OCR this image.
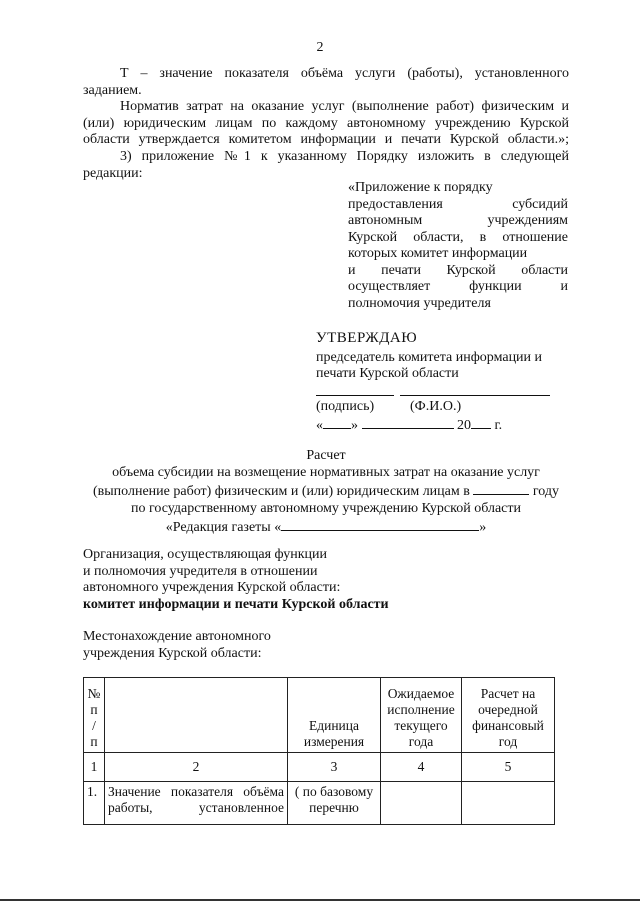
2
Т – значение показателя объёма услуги (работы), установленного
заданием.
Норматив затрат на оказание услуг (выполнение работ) физическим и
(или) юридическим лицам по каждому автономному учреждению Курской
области утверждается комитетом информации и печати Курской области.»;
3) приложение №1 к указанному Порядку изложить в следующей
редакции:
«Приложение к порядку
предоставления субсидий
автономным учреждениям
Курской области, в отношение
которых комитет информации
и печати Курской области
осуществляет функции и
полномочия учредителя
УТВЕРЖДАЮ
председатель комитета информации и
печати Курской области
(подпись)	(Ф.И.О.)
« »	20 г.
Расчет
объема субсидии на возмещение нормативных затрат на оказание услуг
(выполнение работ) физическим и (или) юридическим лицам в	году
по государственному автономному учреждению Курской области
«Редакция газеты «	»
Организация, осуществляющая функции
и полномочия учредителя в отношении
автономного учреждения Курской области:
комитет информации и печати Курской области
Местонахождение автономного
учреждения Курской области:
№ п / п		Единица измерения	Ожидаемое исполнение текущего года	Расчет на очередной финансовый год
1	2	3	4	5
1.	Значение показателя объёма работы, установленное	( по базовому перечню		
